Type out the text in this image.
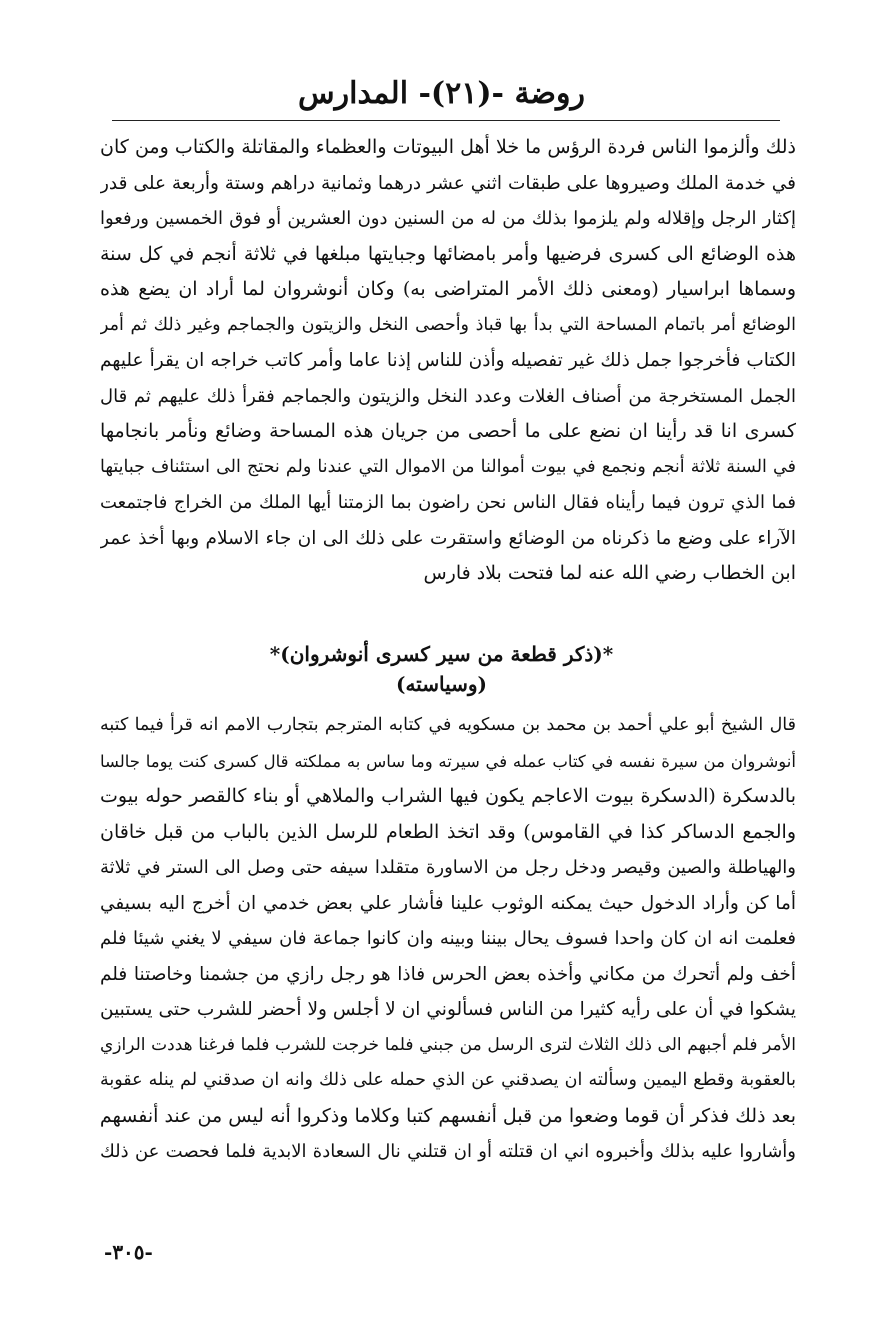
روضة -(٢١)- المدارس
ذلك وألزموا الناس فردة الرؤس ما خلا أهل البيوتات والعظماء والمقاتلة والكتاب ومن كان
في خدمة الملك وصيروها على طبقات اثني عشر درهما وثمانية دراهم وستة وأربعة على قدر
إكثار الرجل وإقلاله ولم يلزموا بذلك من له من السنين دون العشرين أو فوق الخمسين ورفعوا
هذه الوضائع الى كسرى فرضيها وأمر بامضائها وجبايتها مبلغها في ثلاثة أنجم في كل سنة
وسماها ابراسيار (ومعنى ذلك الأمر المتراضى به) وكان أنوشروان لما أراد ان يضع هذه
الوضائع أمر باتمام المساحة التي بدأ بها قباذ وأحصى النخل والزيتون والجماجم وغير ذلك ثم أمر
الكتاب فأخرجوا جمل ذلك غير تفصيله وأذن للناس إذنا عاما وأمر كاتب خراجه ان يقرأ عليهم
الجمل المستخرجة من أصناف الغلات وعدد النخل والزيتون والجماجم فقرأ ذلك عليهم ثم قال
كسرى انا قد رأينا ان نضع على ما أحصى من جريان هذه المساحة وضائع ونأمر بانجامها
في السنة ثلاثة أنجم ونجمع في بيوت أموالنا من الاموال التي عندنا ولم نحتج الى استئناف جبايتها
فما الذي ترون فيما رأيناه فقال الناس نحن راضون بما الزمتنا أيها الملك من الخراج فاجتمعت
الآراء على وضع ما ذكرناه من الوضائع واستقرت على ذلك الى ان جاء الاسلام وبها أخذ عمر
ابن الخطاب رضي الله عنه لما فتحت بلاد فارس
*(ذكر قطعة من سير كسرى أنوشروان)*
(وسياسته)
قال الشيخ أبو علي أحمد بن محمد بن مسكويه في كتابه المترجم بتجارب الامم انه قرأ فيما كتبه
أنوشروان من سيرة نفسه في كتاب عمله في سيرته وما ساس به مملكته قال كسرى كنت يوما جالسا
بالدسكرة (الدسكرة بيوت الاعاجم يكون فيها الشراب والملاهي أو بناء كالقصر حوله بيوت
والجمع الدساكر كذا في القاموس) وقد اتخذ الطعام للرسل الذين بالباب من قبل خاقان
والهياطلة والصين وقيصر ودخل رجل من الاساورة متقلدا سيفه حتى وصل الى الستر في ثلاثة
أما كن وأراد الدخول حيث يمكنه الوثوب علينا فأشار علي بعض خدمي ان أخرج اليه بسيفي
فعلمت انه ان كان واحدا فسوف يحال بيننا وبينه وان كانوا جماعة فان سيفي لا يغني شيئا فلم
أخف ولم أتحرك من مكاني وأخذه بعض الحرس فاذا هو رجل رازي من جشمنا وخاصتنا فلم
يشكوا في أن على رأيه كثيرا من الناس فسألوني ان لا أجلس ولا أحضر للشرب حتى يستبين
الأمر فلم أجبهم الى ذلك الثلاث لترى الرسل من جبني فلما خرجت للشرب فلما فرغنا هددت الرازي
بالعقوبة وقطع اليمين وسألته ان يصدقني عن الذي حمله على ذلك وانه ان صدقني لم ينله عقوبة
بعد ذلك فذكر أن قوما وضعوا من قبل أنفسهم كتبا وكلاما وذكروا أنه ليس من عند أنفسهم
وأشاروا عليه بذلك وأخبروه اني ان قتلته أو ان قتلني نال السعادة الابدية فلما فحصت عن ذلك
-٣٠٥-
